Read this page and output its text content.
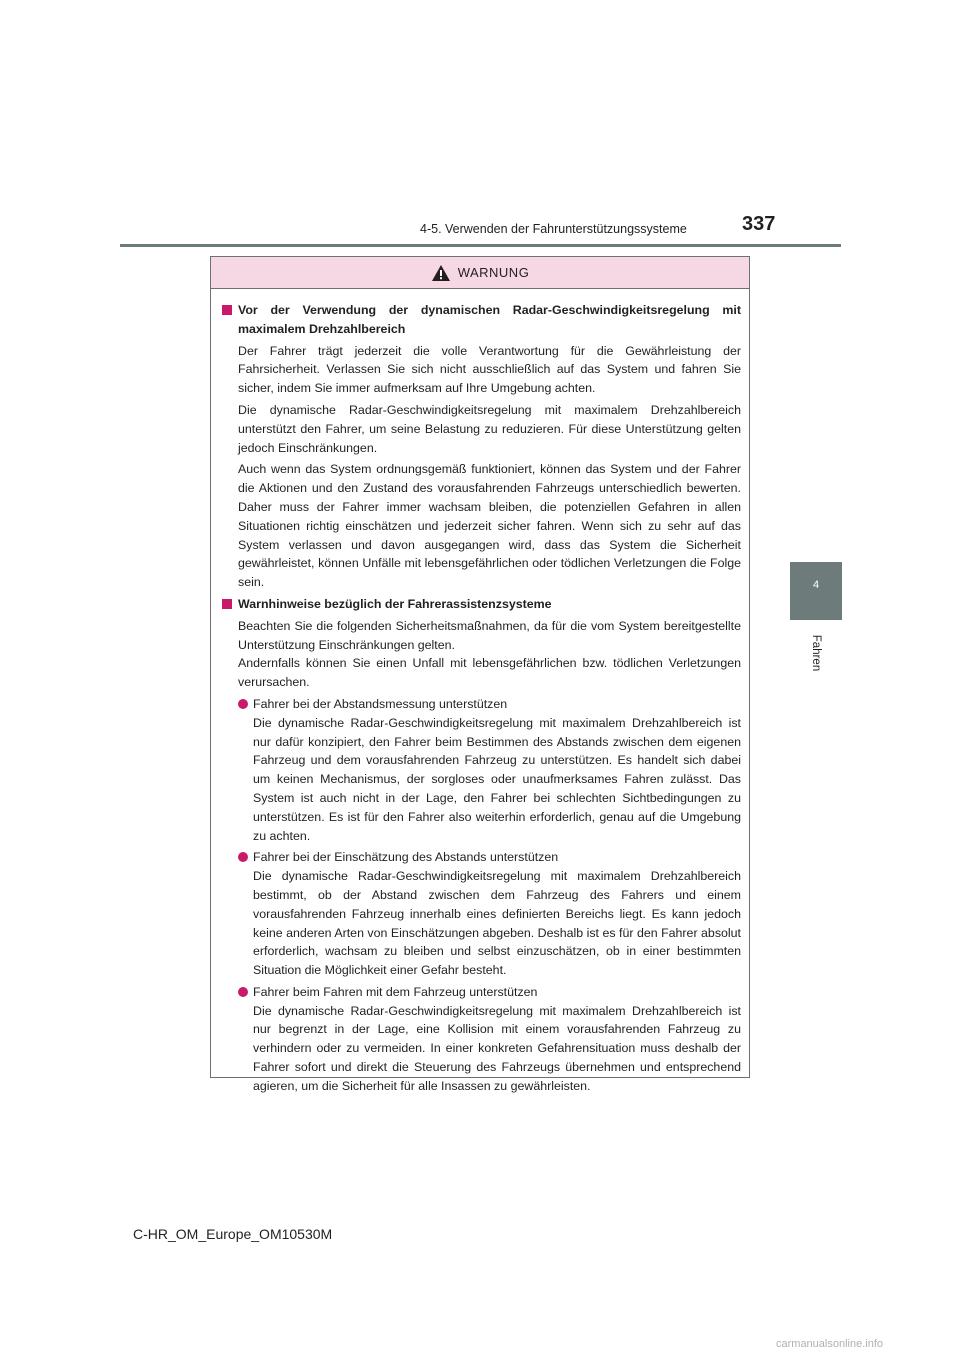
4-5. Verwenden der Fahrunterstützungssysteme	337
4
Fahren
WARNUNG
Vor der Verwendung der dynamischen Radar-Geschwindigkeitsregelung mit maximalem Drehzahlbereich
Der Fahrer trägt jederzeit die volle Verantwortung für die Gewährleistung der Fahrsicherheit. Verlassen Sie sich nicht ausschließlich auf das System und fahren Sie sicher, indem Sie immer aufmerksam auf Ihre Umgebung achten.
Die dynamische Radar-Geschwindigkeitsregelung mit maximalem Drehzahlbereich unterstützt den Fahrer, um seine Belastung zu reduzieren. Für diese Unterstützung gelten jedoch Einschränkungen.
Auch wenn das System ordnungsgemäß funktioniert, können das System und der Fahrer die Aktionen und den Zustand des vorausfahrenden Fahrzeugs unterschiedlich bewerten. Daher muss der Fahrer immer wachsam bleiben, die potenziellen Gefahren in allen Situationen richtig einschätzen und jederzeit sicher fahren. Wenn sich zu sehr auf das System verlassen und davon ausgegangen wird, dass das System die Sicherheit gewährleistet, können Unfälle mit lebensgefährlichen oder tödlichen Verletzungen die Folge sein.
Warnhinweise bezüglich der Fahrerassistenzsysteme
Beachten Sie die folgenden Sicherheitsmaßnahmen, da für die vom System bereitgestellte Unterstützung Einschränkungen gelten.
Andernfalls können Sie einen Unfall mit lebensgefährlichen bzw. tödlichen Verletzungen verursachen.
Fahrer bei der Abstandsmessung unterstützen
Die dynamische Radar-Geschwindigkeitsregelung mit maximalem Drehzahlbereich ist nur dafür konzipiert, den Fahrer beim Bestimmen des Abstands zwischen dem eigenen Fahrzeug und dem vorausfahrenden Fahrzeug zu unterstützen. Es handelt sich dabei um keinen Mechanismus, der sorgloses oder unaufmerksames Fahren zulässt. Das System ist auch nicht in der Lage, den Fahrer bei schlechten Sichtbedingungen zu unterstützen. Es ist für den Fahrer also weiterhin erforderlich, genau auf die Umgebung zu achten.
Fahrer bei der Einschätzung des Abstands unterstützen
Die dynamische Radar-Geschwindigkeitsregelung mit maximalem Drehzahlbereich bestimmt, ob der Abstand zwischen dem Fahrzeug des Fahrers und einem vorausfahrenden Fahrzeug innerhalb eines definierten Bereichs liegt. Es kann jedoch keine anderen Arten von Einschätzungen abgeben. Deshalb ist es für den Fahrer absolut erforderlich, wachsam zu bleiben und selbst einzuschätzen, ob in einer bestimmten Situation die Möglichkeit einer Gefahr besteht.
Fahrer beim Fahren mit dem Fahrzeug unterstützen
Die dynamische Radar-Geschwindigkeitsregelung mit maximalem Drehzahlbereich ist nur begrenzt in der Lage, eine Kollision mit einem vorausfahrenden Fahrzeug zu verhindern oder zu vermeiden. In einer konkreten Gefahrensituation muss deshalb der Fahrer sofort und direkt die Steuerung des Fahrzeugs übernehmen und entsprechend agieren, um die Sicherheit für alle Insassen zu gewährleisten.
C-HR_OM_Europe_OM10530M
carmanualsonline.info
